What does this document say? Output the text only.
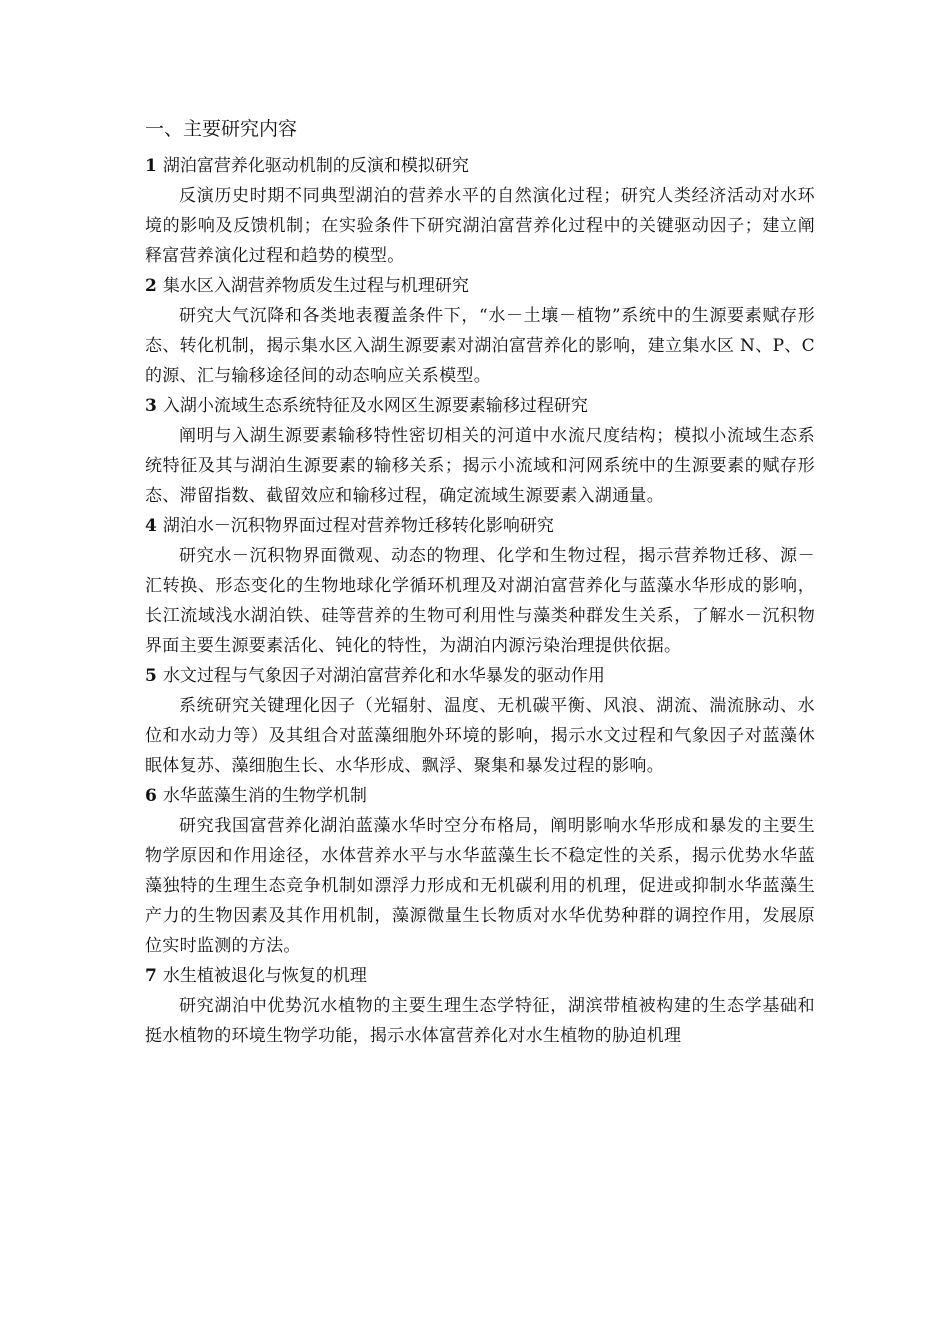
一、主要研究内容
1 湖泊富营养化驱动机制的反演和模拟研究

反演历史时期不同典型湖泊的营养水平的自然演化过程；研究人类经济活动对水环境的影响及反馈机制；在实验条件下研究湖泊富营养化过程中的关键驱动因子；建立阐释富营养演化过程和趋势的模型。

2 集水区入湖营养物质发生过程与机理研究

研究大气沉降和各类地表覆盖条件下，“水－土壤－植物”系统中的生源要素赋存形态、转化机制，揭示集水区入湖生源要素对湖泊富营养化的影响，建立集水区 N、P、C 的源、汇与输移途径间的动态响应关系模型。

3 入湖小流域生态系统特征及水网区生源要素输移过程研究

阐明与入湖生源要素输移特性密切相关的河道中水流尺度结构；模拟小流域生态系统特征及其与湖泊生源要素的输移关系；揭示小流域和河网系统中的生源要素的赋存形态、滞留指数、截留效应和输移过程，确定流域生源要素入湖通量。

4 湖泊水－沉积物界面过程对营养物迁移转化影响研究

研究水－沉积物界面微观、动态的物理、化学和生物过程，揭示营养物迁移、源－汇转换、形态变化的生物地球化学循环机理及对湖泊富营养化与蓝藻水华形成的影响，长江流域浅水湖泊铁、硅等营养的生物可利用性与藻类种群发生关系，了解水－沉积物界面主要生源要素活化、钝化的特性，为湖泊内源污染治理提供依据。

5 水文过程与气象因子对湖泊富营养化和水华暴发的驱动作用

系统研究关键理化因子（光辐射、温度、无机碳平衡、风浪、湖流、湍流脉动、水位和水动力等）及其组合对蓝藻细胞外环境的影响，揭示水文过程和气象因子对蓝藻休眠体复苏、藻细胞生长、水华形成、飘浮、聚集和暴发过程的影响。

6 水华蓝藻生消的生物学机制

研究我国富营养化湖泊蓝藻水华时空分布格局，阐明影响水华形成和暴发的主要生物学原因和作用途径，水体营养水平与水华蓝藻生长不稳定性的关系，揭示优势水华蓝藻独特的生理生态竞争机制如漂浮力形成和无机碳利用的机理，促进或抑制水华蓝藻生产力的生物因素及其作用机制，藻源微量生长物质对水华优势种群的调控作用，发展原位实时监测的方法。

7 水生植被退化与恢复的机理

研究湖泊中优势沉水植物的主要生理生态学特征，湖滨带植被构建的生态学基础和挺水植物的环境生物学功能，揭示水体富营养化对水生植物的胁迫机理
